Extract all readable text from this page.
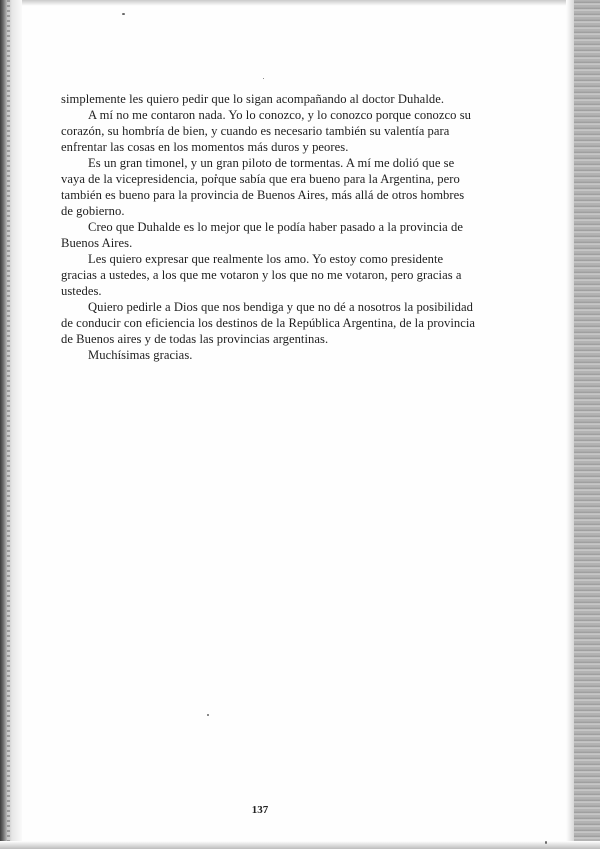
simplemente les quiero pedir que lo sigan acompañando al doctor Duhalde.

A mí no me contaron nada. Yo lo conozco, y lo conozco porque conozco su corazón, su hombría de bien, y cuando es necesario también su valentía para enfrentar las cosas en los momentos más duros y peores.

Es un gran timonel, y un gran piloto de tormentas. A mí me dolió que se vaya de la vicepresidencia, porque sabía que era bueno para la Argentina, pero también es bueno para la provincia de Buenos Aires, más allá de otros hombres de gobierno.

Creo que Duhalde es lo mejor que le podía haber pasado a la provincia de Buenos Aires.

Les quiero expresar que realmente los amo. Yo estoy como presidente gracias a ustedes, a los que me votaron y los que no me votaron, pero gracias a ustedes.

Quiero pedirle a Dios que nos bendiga y que no dé a nosotros la posibilidad de conducir con eficiencia los destinos de la República Argentina, de la provincia de Buenos aires y de todas las provincias argentinas.

Muchísimas gracias.

137
